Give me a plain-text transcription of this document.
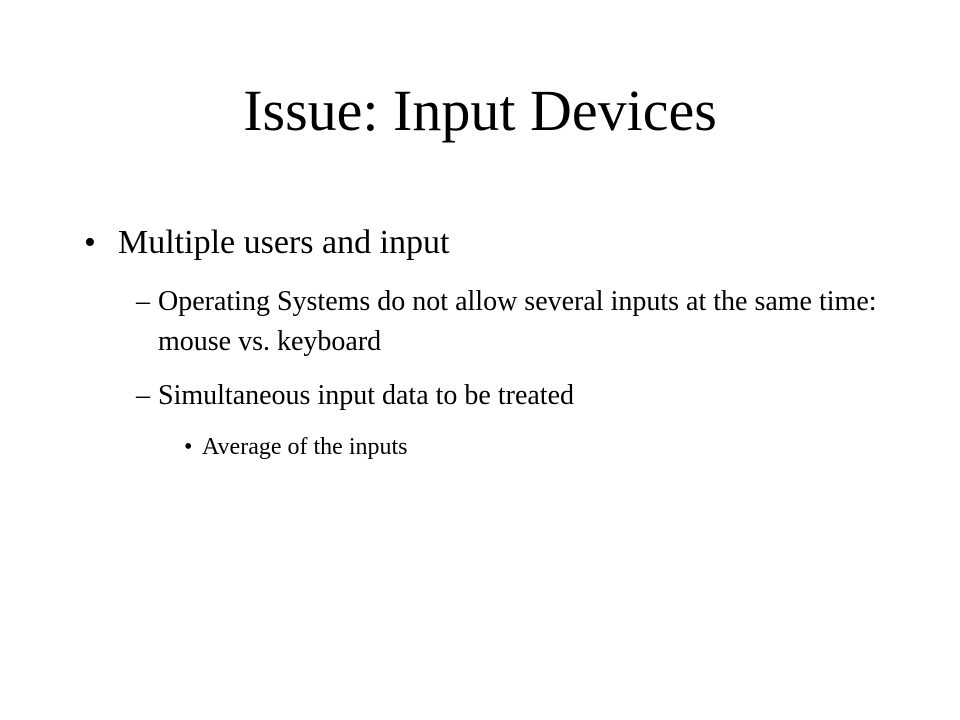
Issue: Input Devices
• Multiple users and input
– Operating Systems do not allow several inputs at the same time: mouse vs. keyboard
– Simultaneous input data to be treated
• Average of the inputs
